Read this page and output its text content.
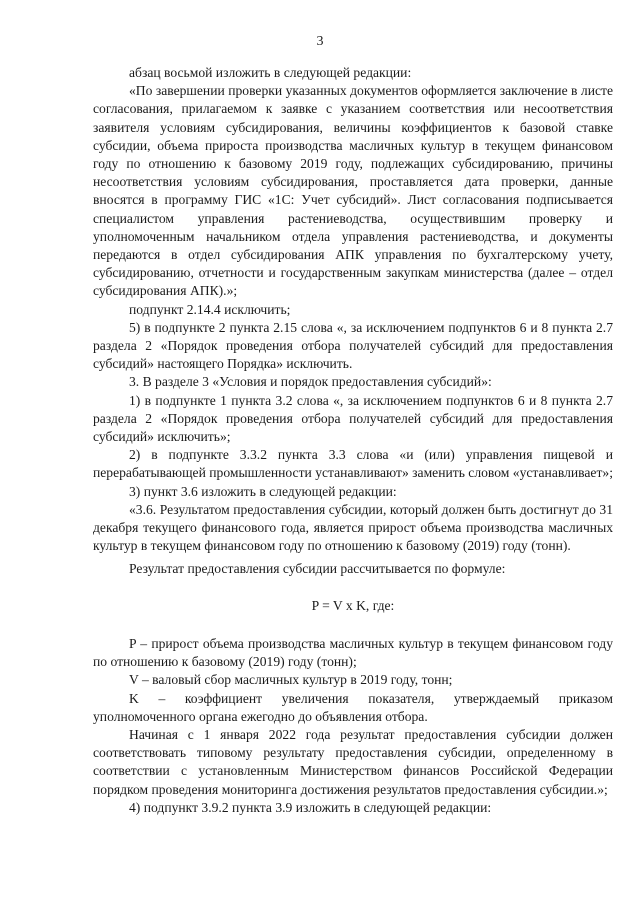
3

абзац восьмой изложить в следующей редакции:

«По завершении проверки указанных документов оформляется заключение в листе согласования, прилагаемом к заявке с указанием соответствия или несоответствия заявителя условиям субсидирования, величины коэффициентов к базовой ставке субсидии, объема прироста производства масличных культур в текущем финансовом году по отношению к базовому 2019 году, подлежащих субсидированию, причины несоответствия условиям субсидирования, проставляется дата проверки, данные вносятся в программу ГИС «1С: Учет субсидий». Лист согласования подписывается специалистом управления растениеводства, осуществившим проверку и уполномоченным начальником отдела управления растениеводства, и документы передаются в отдел субсидирования АПК управления по бухгалтерскому учету, субсидированию, отчетности и государственным закупкам министерства (далее – отдел субсидирования АПК).»;

подпункт 2.14.4 исключить;

5) в подпункте 2 пункта 2.15 слова «, за исключением подпунктов 6 и 8 пункта 2.7 раздела 2 «Порядок проведения отбора получателей субсидий для предоставления субсидий» настоящего Порядка» исключить.

3. В разделе 3 «Условия и порядок предоставления субсидий»:

1) в подпункте 1 пункта 3.2 слова «, за исключением подпунктов 6 и 8 пункта 2.7 раздела 2 «Порядок проведения отбора получателей субсидий для предоставления субсидий» исключить»;

2) в подпункте 3.3.2 пункта 3.3 слова «и (или) управления пищевой и перерабатывающей промышленности устанавливают» заменить словом «устанавливает»;

3) пункт 3.6 изложить в следующей редакции:

«3.6. Результатом предоставления субсидии, который должен быть достигнут до 31 декабря текущего финансового года, является прирост объема производства масличных культур в текущем финансовом году по отношению к базовому (2019) году (тонн).

Результат предоставления субсидии рассчитывается по формуле:

P = V x K, где:

P – прирост объема производства масличных культур в текущем финансовом году по отношению к базовому (2019) году (тонн);

V – валовый сбор масличных культур в 2019 году, тонн;

K – коэффициент увеличения показателя, утверждаемый приказом уполномоченного органа ежегодно до объявления отбора.

Начиная с 1 января 2022 года результат предоставления субсидии должен соответствовать типовому результату предоставления субсидии, определенному в соответствии с установленным Министерством финансов Российской Федерации порядком проведения мониторинга достижения результатов предоставления субсидии.»;

4) подпункт 3.9.2 пункта 3.9 изложить в следующей редакции:
